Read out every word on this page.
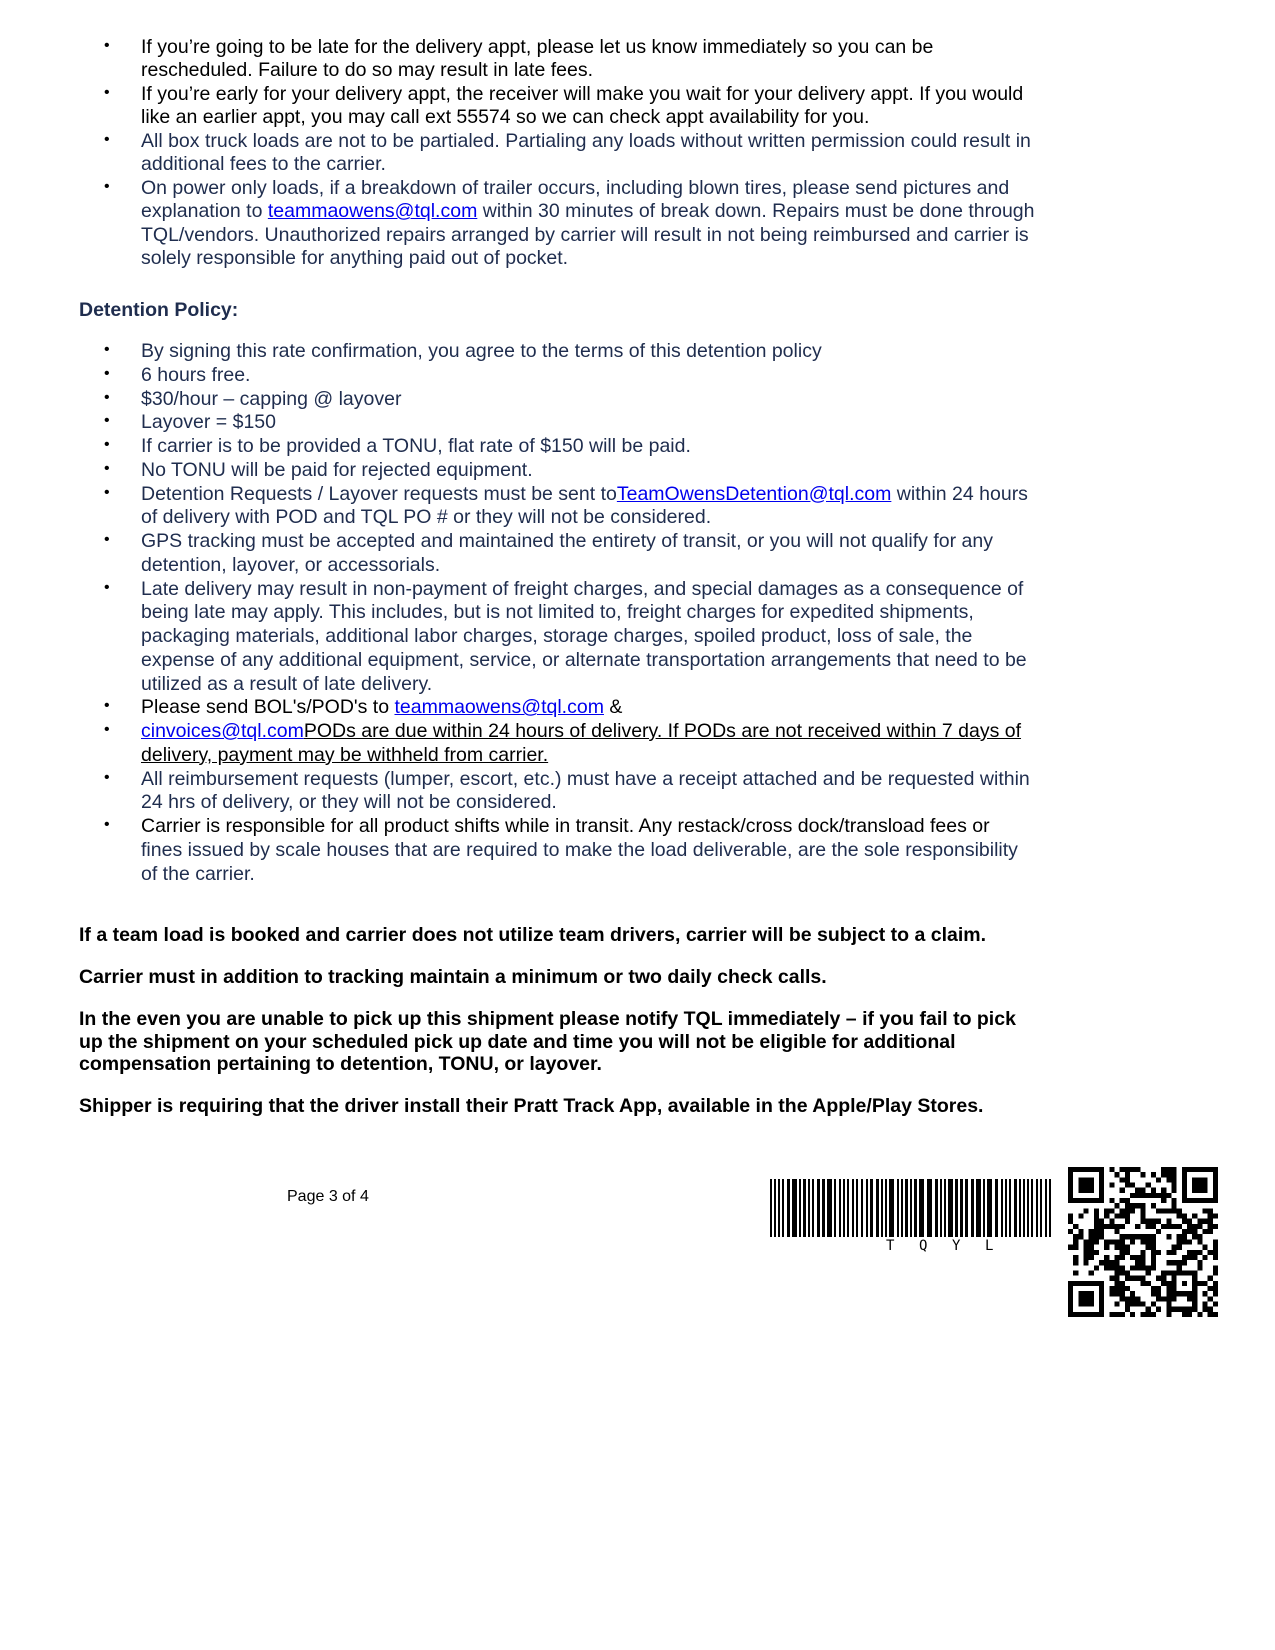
• If you’re going to be late for the delivery appt, please let us know immediately so you can be
rescheduled. Failure to do so may result in late fees.
• If you’re early for your delivery appt, the receiver will make you wait for your delivery appt. If you would
like an earlier appt, you may call ext 55574 so we can check appt availability for you.
• All box truck loads are not to be partialed. Partialing any loads without written permission could result in
additional fees to the carrier.
• On power only loads, if a breakdown of trailer occurs, including blown tires, please send pictures and
explanation to teammaowens@tql.com within 30 minutes of break down. Repairs must be done through
TQL/vendors. Unauthorized repairs arranged by carrier will result in not being reimbursed and carrier is
solely responsible for anything paid out of pocket.
Detention Policy:
• By signing this rate confirmation, you agree to the terms of this detention policy
• 6 hours free.
• $30/hour – capping @ layover
• Layover = $150
• If carrier is to be provided a TONU, flat rate of $150 will be paid.
• No TONU will be paid for rejected equipment.
• Detention Requests / Layover requests must be sent toTeamOwensDetention@tql.com within 24 hours
of delivery with POD and TQL PO # or they will not be considered.
• GPS tracking must be accepted and maintained the entirety of transit, or you will not qualify for any
detention, layover, or accessorials.
• Late delivery may result in non-payment of freight charges, and special damages as a consequence of
being late may apply. This includes, but is not limited to, freight charges for expedited shipments,
packaging materials, additional labor charges, storage charges, spoiled product, loss of sale, the
expense of any additional equipment, service, or alternate transportation arrangements that need to be
utilized as a result of late delivery.
• Please send BOL's/POD's to teammaowens@tql.com &
• cinvoices@tql.comPODs are due within 24 hours of delivery. If PODs are not received within 7 days of
delivery, payment may be withheld from carrier.
• All reimbursement requests (lumper, escort, etc.) must have a receipt attached and be requested within
24 hrs of delivery, or they will not be considered.
• Carrier is responsible for all product shifts while in transit. Any restack/cross dock/transload fees or
fines issued by scale houses that are required to make the load deliverable, are the sole responsibility
of the carrier.
If a team load is booked and carrier does not utilize team drivers, carrier will be subject to a claim.
Carrier must in addition to tracking maintain a minimum or two daily check calls.
In the even you are unable to pick up this shipment please notify TQL immediately – if you fail to pick
up the shipment on your scheduled pick up date and time you will not be eligible for additional
compensation pertaining to detention, TONU, or layover.
Shipper is requiring that the driver install their Pratt Track App, available in the Apple/Play Stores.
Page 3 of 4
T Q Y L
